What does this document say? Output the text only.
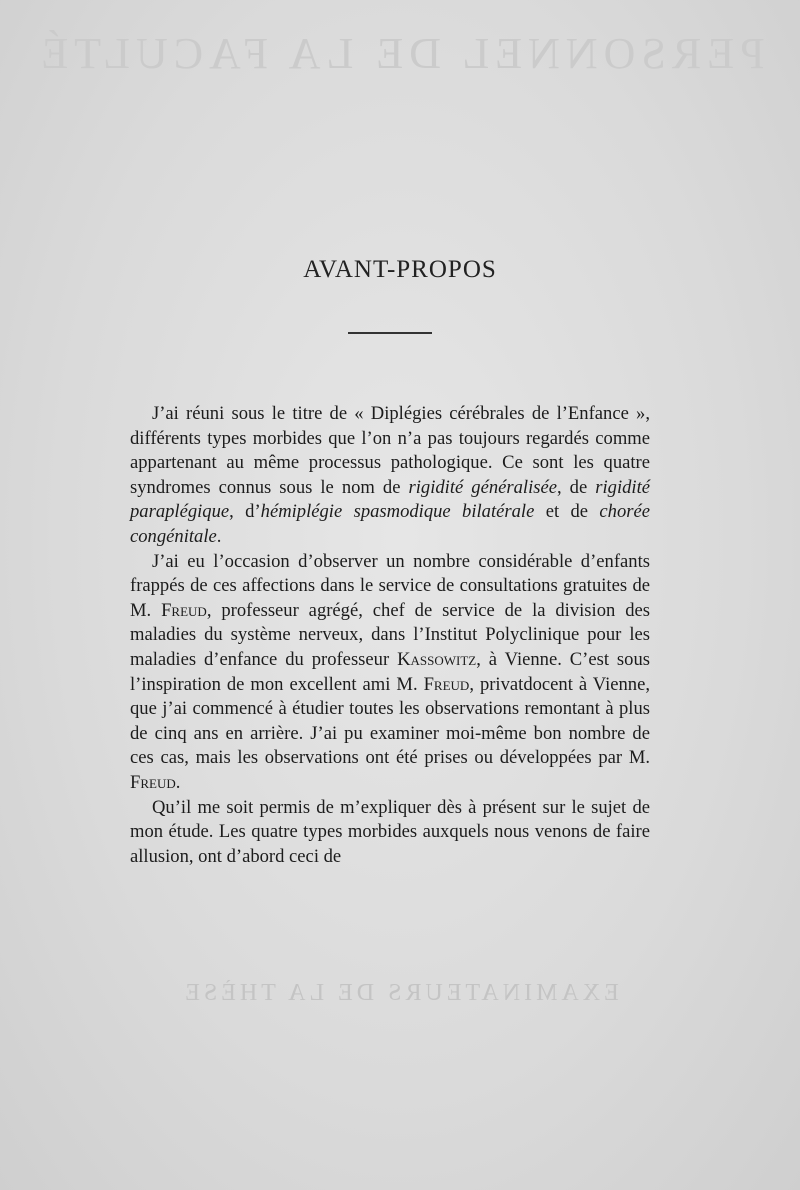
PERSONNEL DE LA FACULTÉ
AVANT-PROPOS

J’ai réuni sous le titre de « Diplégies cérébrales de l’Enfance », différents types morbides que l’on n’a pas toujours regardés comme appartenant au même processus pathologique. Ce sont les quatre syndromes connus sous le nom de rigidité généralisée, de rigidité paraplégique, d’hémiplégie spasmodique bilatérale et de chorée congénitale.

J’ai eu l’occasion d’observer un nombre considérable d’enfants frappés de ces affections dans le service de consultations gratuites de M. Freud, professeur agrégé, chef de service de la division des maladies du système nerveux, dans l’Institut Polyclinique pour les maladies d’enfance du professeur Kassowitz, à Vienne. C’est sous l’inspiration de mon excellent ami M. Freud, privatdocent à Vienne, que j’ai commencé à étudier toutes les observations remontant à plus de cinq ans en arrière. J’ai pu examiner moi-même bon nombre de ces cas, mais les observations ont été prises ou développées par M. Freud.

Qu’il me soit permis de m’expliquer dès à présent sur le sujet de mon étude. Les quatre types morbides auxquels nous venons de faire allusion, ont d’abord ceci de

EXAMINATEURS DE LA THÈSE
